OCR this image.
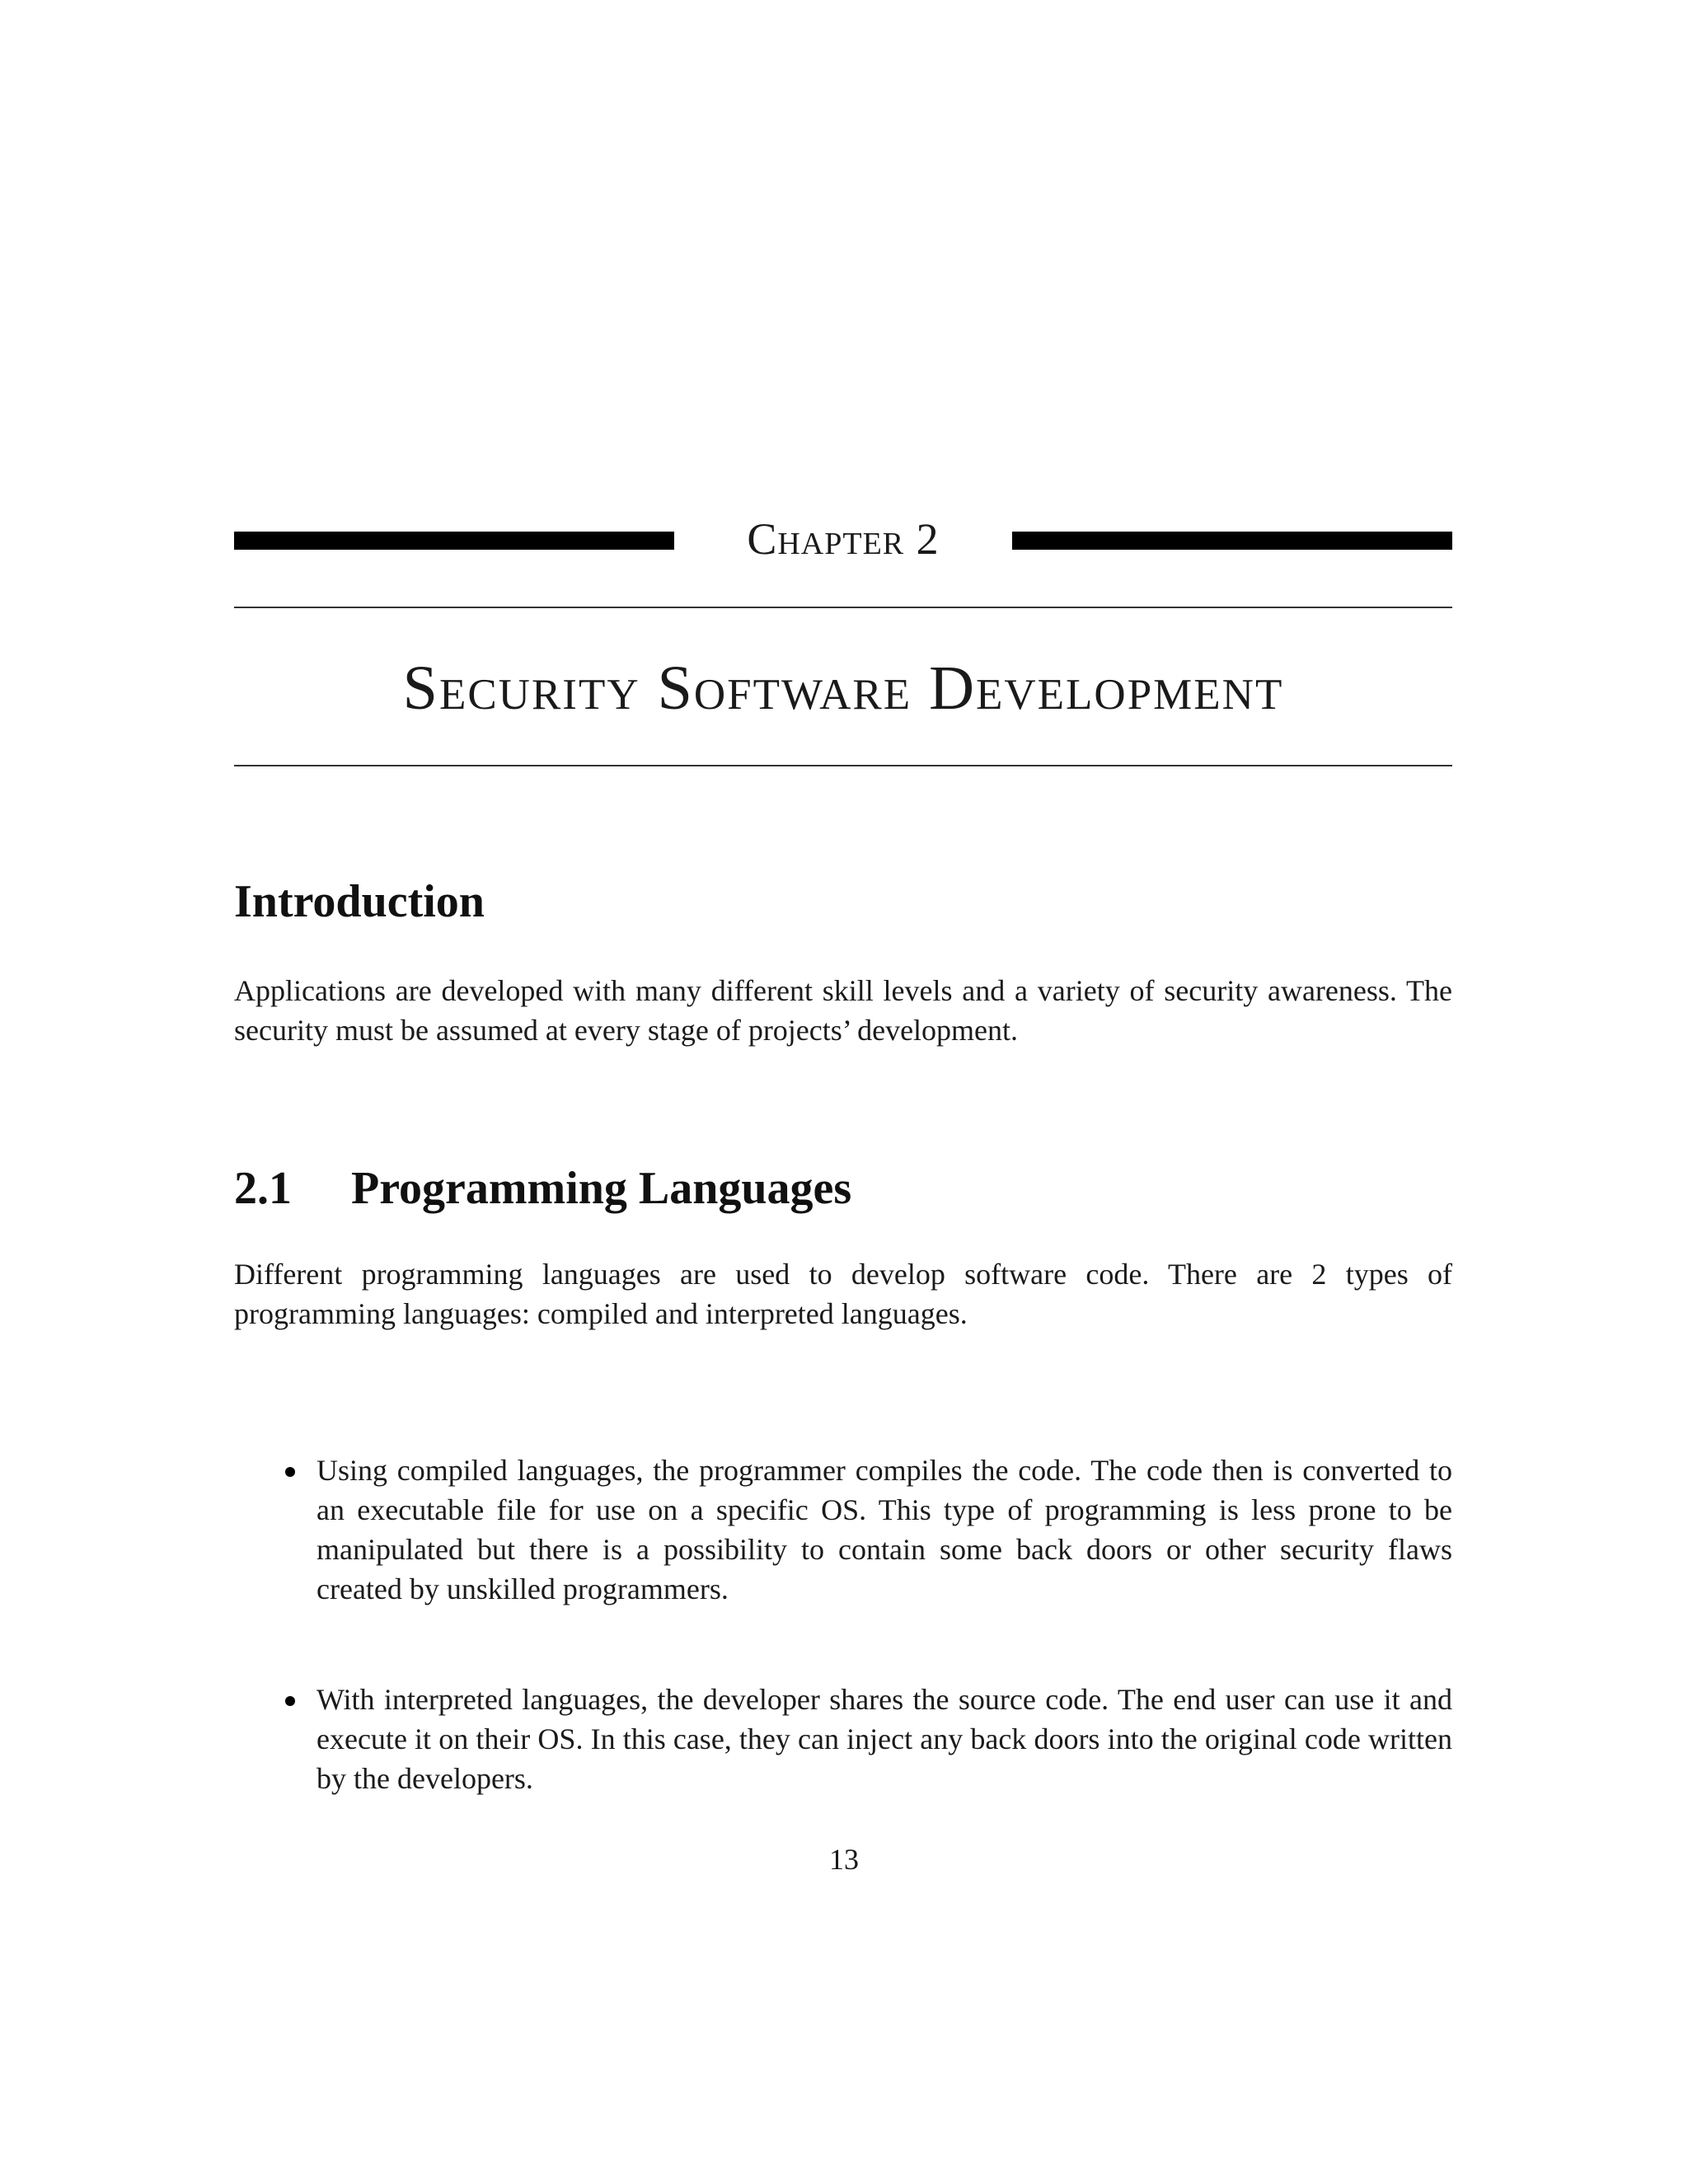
Chapter 2
Security Software Development
Introduction
Applications are developed with many different skill levels and a variety of security awareness. The security must be assumed at every stage of projects’ development.
2.1 Programming Languages
Different programming languages are used to develop software code. There are 2 types of programming languages: compiled and interpreted languages.
Using compiled languages, the programmer compiles the code. The code then is converted to an executable file for use on a specific OS. This type of programming is less prone to be manipulated but there is a possibility to contain some back doors or other security flaws created by unskilled programmers.
With interpreted languages, the developer shares the source code. The end user can use it and execute it on their OS. In this case, they can inject any back doors into the original code written by the developers.
13
